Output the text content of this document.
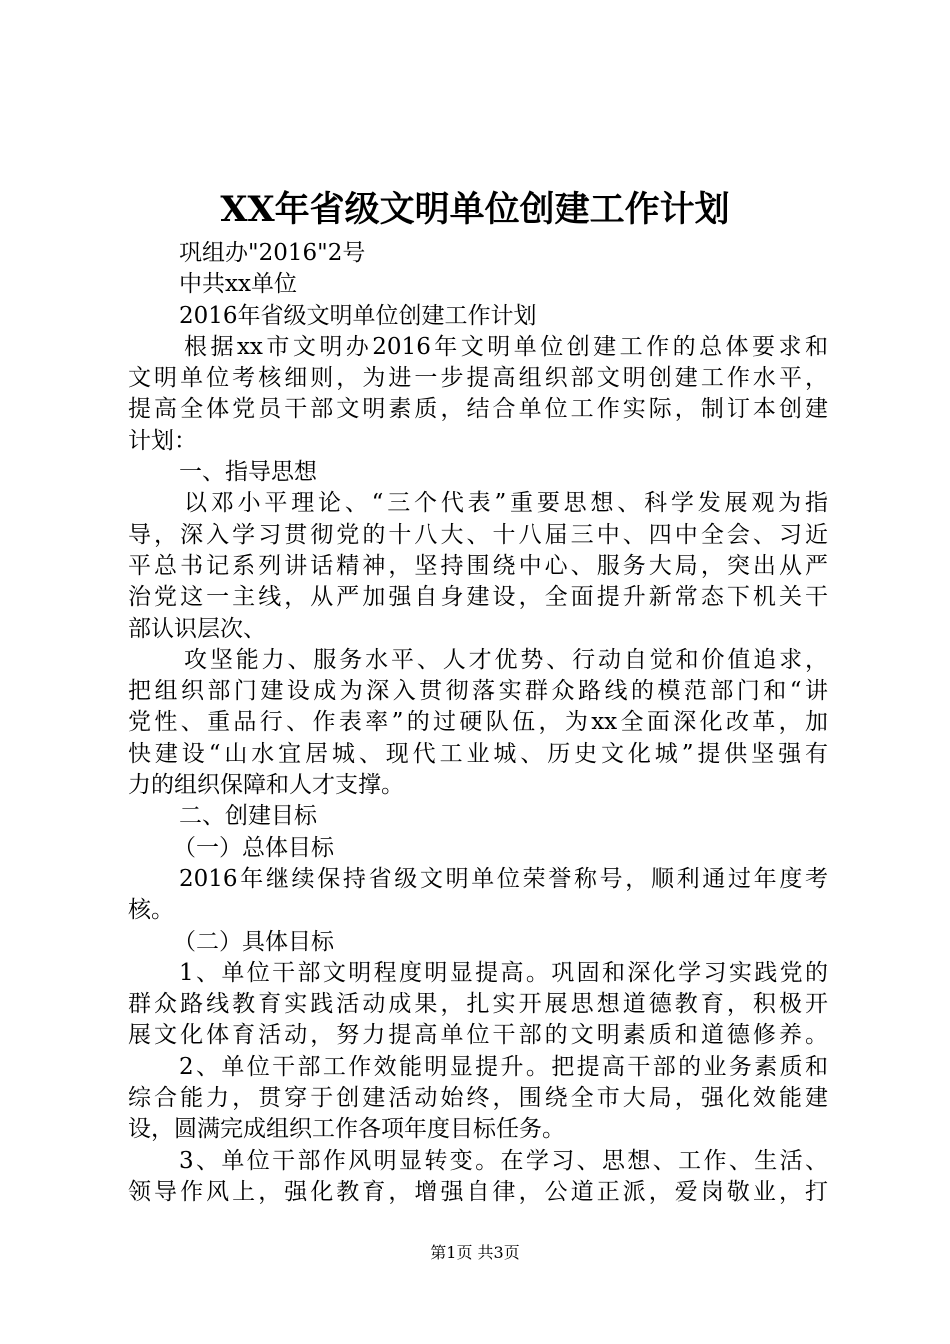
XX年省级文明单位创建工作计划
巩组办"2016"2号
中共xx单位
2016年省级文明单位创建工作计划
根据xx市文明办2016年文明单位创建工作的总体要求和
文明单位考核细则，为进一步提高组织部文明创建工作水平，
提高全体党员干部文明素质，结合单位工作实际，制订本创建
计划：
一、指导思想
以邓小平理论、“三个代表”重要思想、科学发展观为指
导，深入学习贯彻党的十八大、十八届三中、四中全会、习近
平总书记系列讲话精神，坚持围绕中心、服务大局，突出从严
治党这一主线，从严加强自身建设，全面提升新常态下机关干
部认识层次、
攻坚能力、服务水平、人才优势、行动自觉和价值追求，
把组织部门建设成为深入贯彻落实群众路线的模范部门和“讲
党性、重品行、作表率”的过硬队伍，为xx全面深化改革，加
快建设“山水宜居城、现代工业城、历史文化城”提供坚强有
力的组织保障和人才支撑。
二、创建目标
（一）总体目标
2016年继续保持省级文明单位荣誉称号，顺利通过年度考
核。
（二）具体目标
1、单位干部文明程度明显提高。巩固和深化学习实践党的
群众路线教育实践活动成果，扎实开展思想道德教育，积极开
展文化体育活动，努力提高单位干部的文明素质和道德修养。
2、单位干部工作效能明显提升。把提高干部的业务素质和
综合能力，贯穿于创建活动始终，围绕全市大局，强化效能建
设，圆满完成组织工作各项年度目标任务。
3、单位干部作风明显转变。在学习、思想、工作、生活、
领导作风上，强化教育，增强自律，公道正派，爱岗敬业，打
第1页 共3页
